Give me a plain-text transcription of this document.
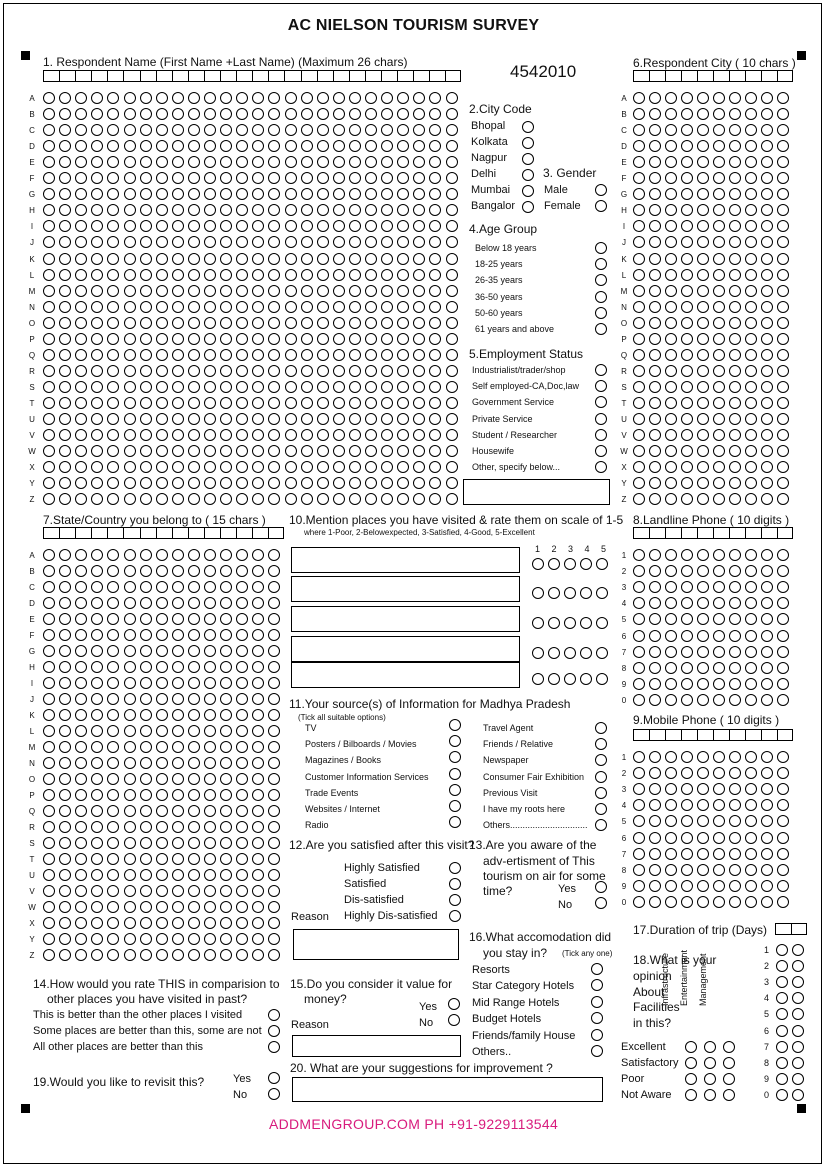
AC NIELSON TOURISM SURVEY
4542010
ADDMENGROUP.COM PH +91-9229113544
1. Respondent Name (First Name +Last Name) (Maximum 26 chars)	6.Respondent City ( 10 chars )
2.City Code
3. Gender
4.Age Group
5.Employment Status
7.State/Country you belong to ( 15 chars ) 10.Mention places you have visited & rate them on scale of 1-5
where 1-Poor, 2-Belowexpected, 3-Satisfied, 4-Good, 5-Excellent
8.Landline Phone ( 10 digits )
9.Mobile Phone ( 10 digits )
11.Your source(s) of Information for Madhya Pradesh
(Tick all suitable options)
12.Are you satisfied after this visit?
Reason
13.Are you aware of the
adv-ertisment of This
tourism on air for some
time?
17.Duration of trip (Days)
16.What accomodation did
you stay in? (Tick any one) 18.What is your
opinion
About
Facilities
in this?
14.How would you rate THIS in comparision to
other places you have visited in past?
15.Do you consider it value for
money?
Reason
20. What are your suggestions for improvement ?
19.Would you like to revisit this?
A
B
C
D
E
F
G
H
I
J
K
L
M
N
O
P
Q
R
S
T
U
V
W
X
Y
Z
A
B
C
D
E
F
G
H
I
J
K
L
M
N
O
P
Q
R
S
T
U
V
W
X
Y
Z
A
B
C
D
E
F
G
H
I
J
K
L
M
N
O
P
Q
R
S
T
U
V
W
X
Y
Z
1
2
3
4
5
6
7
8
9
0
1
2
3
4
5
6
7
8
9
0
Bhopal
Kolkata
Nagpur
Delhi
Mumbai
Bangalor
Male
Female
Below 18 years
18-25 years
26-35 years
36-50 years
50-60 years
61 years and above
Industrialist/trader/shop
Self employed-CA,Doc,law
Government Service
Private Service
Student / Researcher
Housewife
Other, specify below...
1 2 3 4 5
TV
Posters / Bilboards / Movies
Magazines / Books
Customer Information Services
Trade Events
Websites / Internet
Radio
Travel Agent
Friends / Relative
Newspaper
Consumer Fair Exhibition
Previous Visit
I have my roots here
Others...............................
Highly Satisfied
Satisfied
Dis-satisfied
Highly Dis-satisfied
Yes
No
Resorts
Star Category Hotels
Mid Range Hotels
Budget Hotels
Friends/family House
Others..
1
2
3
4
5
6
7
8
9
0
Infrastructure Entertainment Management
Excellent
Satisfactory
Poor
Not Aware
This is better than the other places I visited
Some places are better than this, some are not
All other places are better than this
Yes
No
Yes
No
